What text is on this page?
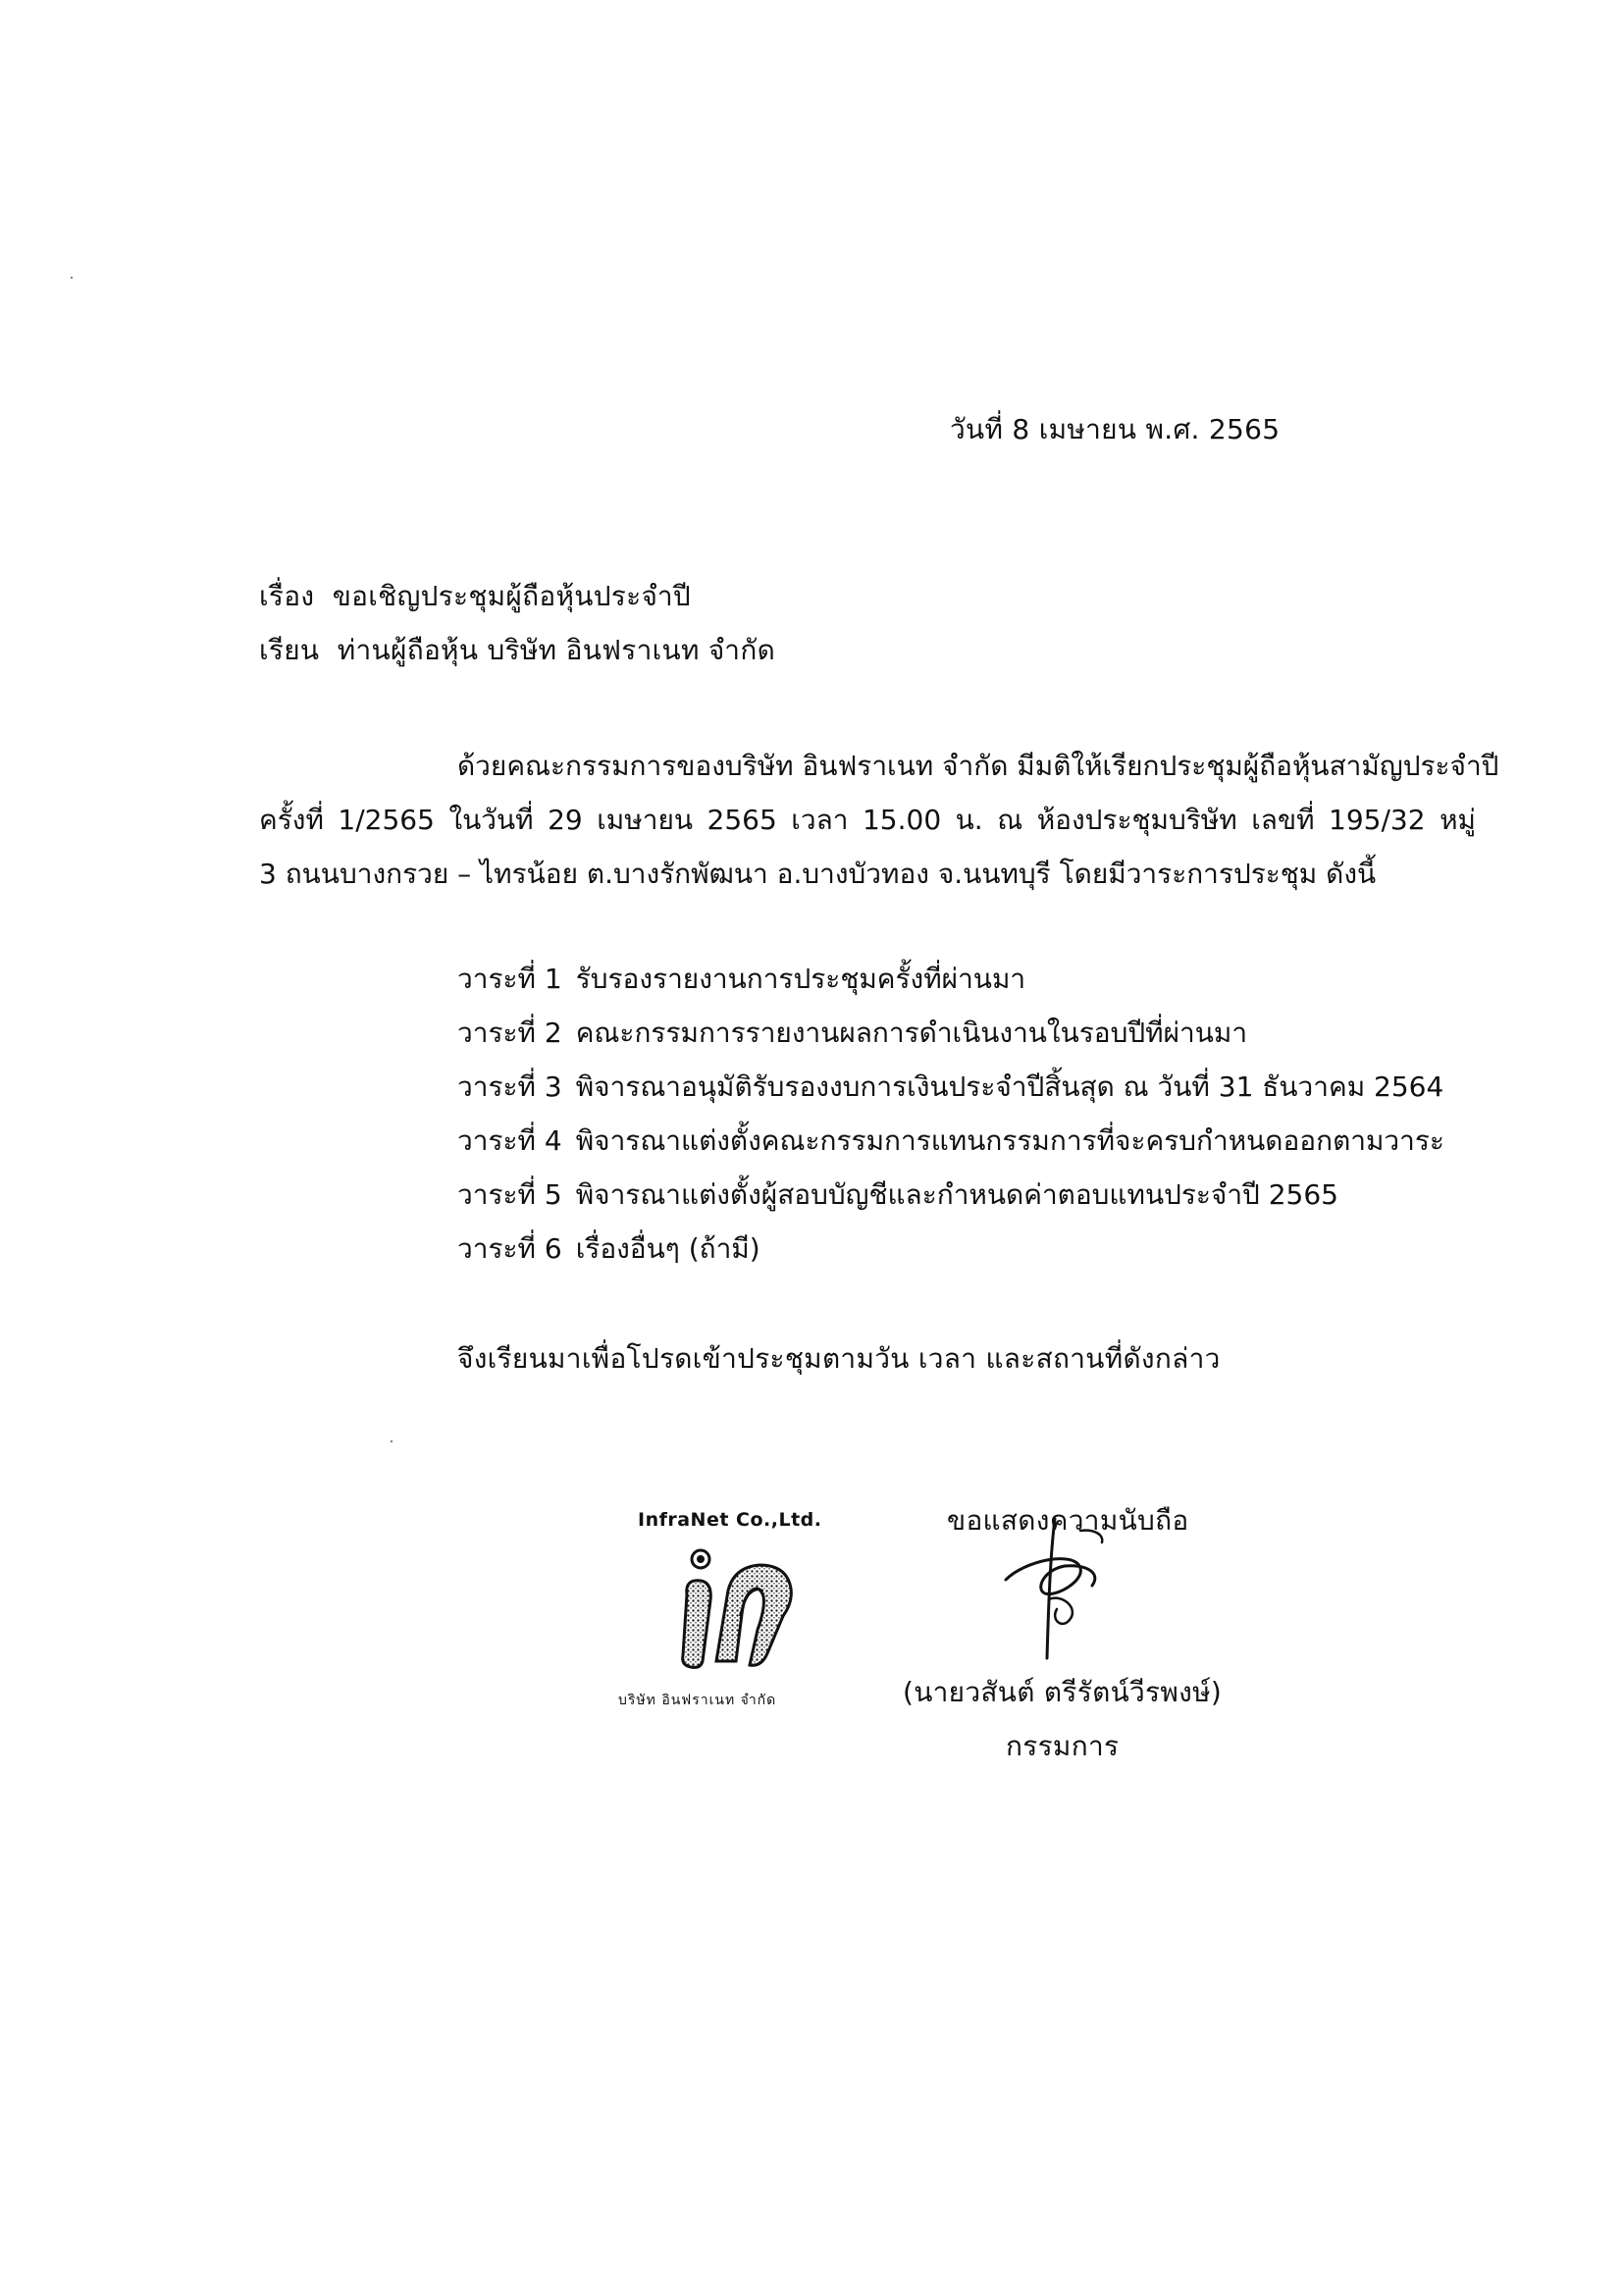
วันที่ 8 เมษายน พ.ศ. 2565
เรื่อง ขอเชิญประชุมผู้ถือหุ้นประจำปี
เรียน ท่านผู้ถือหุ้น บริษัท อินฟราเนท จำกัด
ด้วยคณะกรรมการของบริษัท อินฟราเนท จำกัด มีมติให้เรียกประชุมผู้ถือหุ้นสามัญประจำปี
ครั้งที่ 1/2565 ในวันที่ 29 เมษายน 2565 เวลา 15.00 น. ณ ห้องประชุมบริษัท เลขที่ 195/32 หมู่
3 ถนนบางกรวย – ไทรน้อย ต.บางรักพัฒนา อ.บางบัวทอง จ.นนทบุรี โดยมีวาระการประชุม ดังนี้
วาระที่ 1 รับรองรายงานการประชุมครั้งที่ผ่านมา
วาระที่ 2 คณะกรรมการรายงานผลการดำเนินงานในรอบปีที่ผ่านมา
วาระที่ 3 พิจารณาอนุมัติรับรองงบการเงินประจำปีสิ้นสุด ณ วันที่ 31 ธันวาคม 2564
วาระที่ 4 พิจารณาแต่งตั้งคณะกรรมการแทนกรรมการที่จะครบกำหนดออกตามวาระ
วาระที่ 5 พิจารณาแต่งตั้งผู้สอบบัญชีและกำหนดค่าตอบแทนประจำปี 2565
วาระที่ 6 เรื่องอื่นๆ (ถ้ามี)
จึงเรียนมาเพื่อโปรดเข้าประชุมตามวัน เวลา และสถานที่ดังกล่าว
InfraNet Co.,Ltd.
บริษัท อินฟราเนท จำกัด
ขอแสดงความนับถือ
(นายวสันต์ ตรีรัตน์วีรพงษ์)
กรรมการ
